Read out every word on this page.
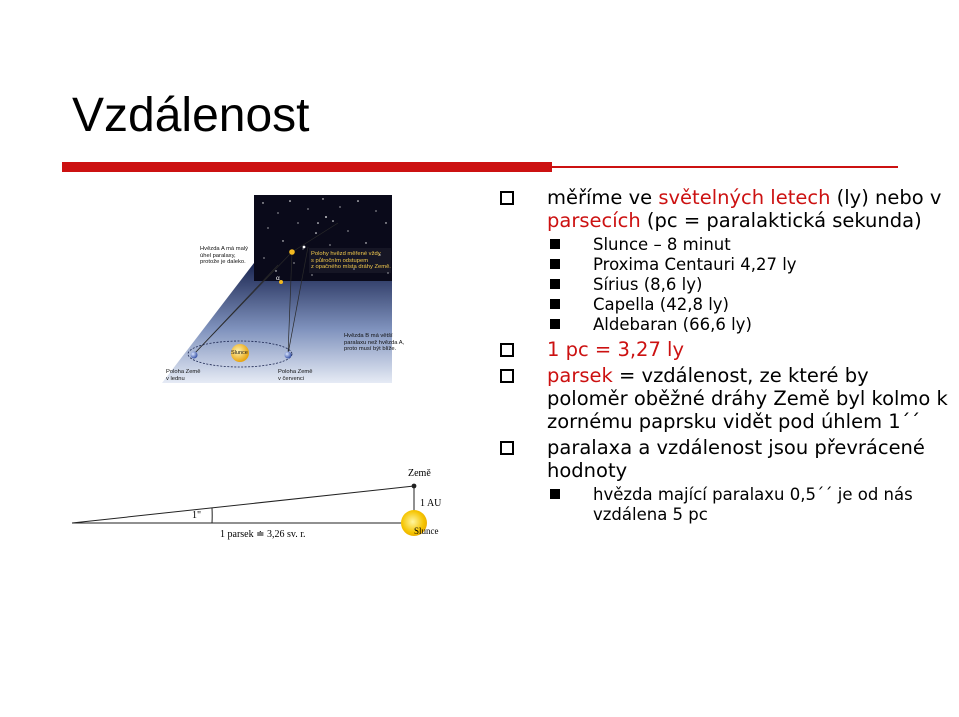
Vzdálenost

Hvězda A má malý
úhel paralaxy,
protože je daleko.

Polohy hvězd měřené vždy
s půlročním odstupem
z opačného místa dráhy Země.

Hvězda B má větší
paralaxu než hvězda A,
proto musí být blíže.

Slunce

Poloha Země
v lednu

Poloha Země
v červenci

α

Země

1 AU

Slunce

1"

1 parsek ≐ 3,26 sv. r.

měříme ve světelných letech (ly) nebo v parsecích (pc = paralaktická sekunda)

Slunce – 8 minut

Proxima Centauri 4,27 ly

Sírius (8,6 ly)

Capella (42,8 ly)

Aldebaran (66,6 ly)

1 pc = 3,27 ly

parsek = vzdálenost, ze které by poloměr oběžné dráhy Země byl kolmo k zornému paprsku vidět pod úhlem 1´´

paralaxa a vzdálenost jsou převrácené hodnoty

hvězda mající paralaxu 0,5´´ je od nás vzdálena 5 pc
